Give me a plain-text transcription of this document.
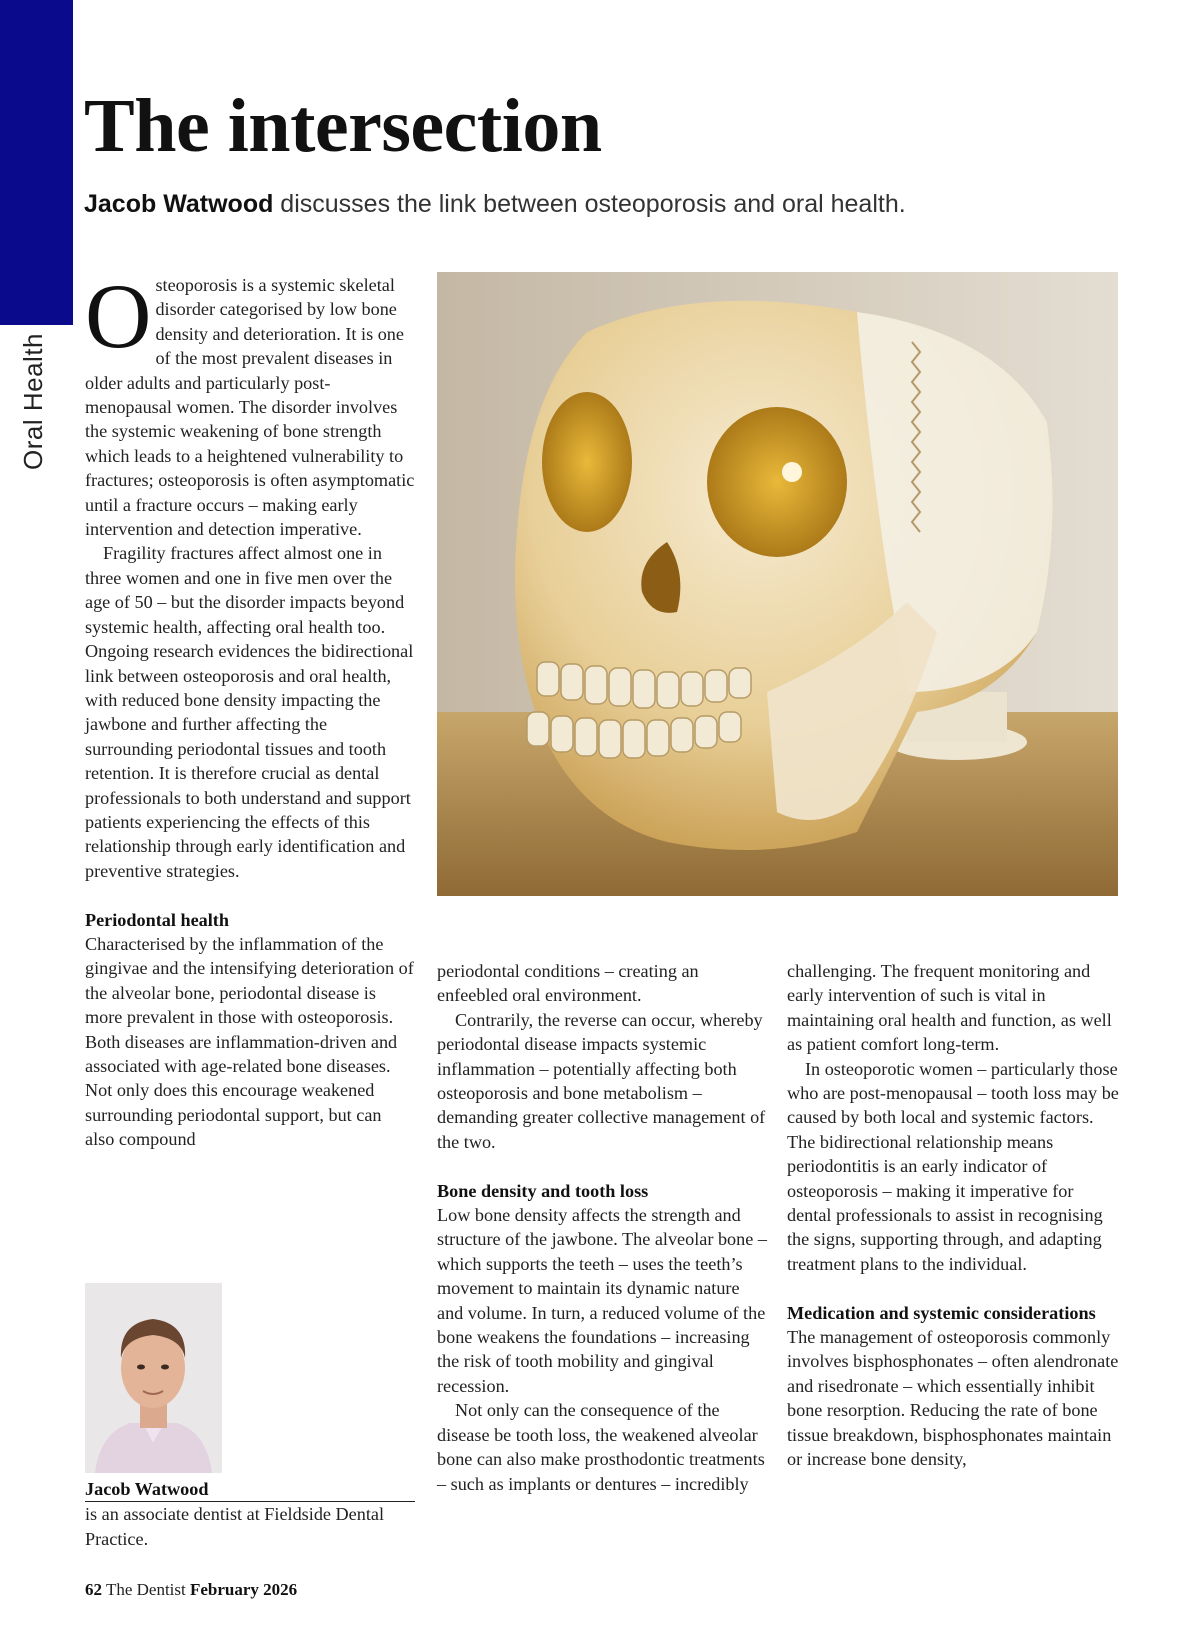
Oral Health
The intersection

Jacob Watwood discusses the link between osteoporosis and oral health.

Osteoporosis is a systemic skeletal disorder categorised by low bone density and deterioration. It is one of the most prevalent diseases in older adults and particularly post-menopausal women. The disorder involves the systemic weakening of bone strength which leads to a heightened vulnerability to fractures; osteoporosis is often asymptomatic until a fracture occurs – making early intervention and detection imperative.

Fragility fractures affect almost one in three women and one in five men over the age of 50 – but the disorder impacts beyond systemic health, affecting oral health too. Ongoing research evidences the bidirectional link between osteoporosis and oral health, with reduced bone density impacting the jawbone and further affecting the surrounding periodontal tissues and tooth retention. It is therefore crucial as dental professionals to both understand and support patients experiencing the effects of this relationship through early identification and preventive strategies.

Periodontal health

Characterised by the inflammation of the gingivae and the intensifying deterioration of the alveolar bone, periodontal disease is more prevalent in those with osteoporosis. Both diseases are inflammation-driven and associated with age-related bone diseases. Not only does this encourage weakened surrounding periodontal support, but can also compound

periodontal conditions – creating an enfeebled oral environment.

Contrarily, the reverse can occur, whereby periodontal disease impacts systemic inflammation – potentially affecting both osteoporosis and bone metabolism – demanding greater collective management of the two.

Bone density and tooth loss

Low bone density affects the strength and structure of the jawbone. The alveolar bone – which supports the teeth – uses the teeth’s movement to maintain its dynamic nature and volume. In turn, a reduced volume of the bone weakens the foundations – increasing the risk of tooth mobility and gingival recession.

Not only can the consequence of the disease be tooth loss, the weakened alveolar bone can also make prosthodontic treatments – such as implants or dentures – incredibly

challenging. The frequent monitoring and early intervention of such is vital in maintaining oral health and function, as well as patient comfort long-term.

In osteoporotic women – particularly those who are post-menopausal – tooth loss may be caused by both local and systemic factors. The bidirectional relationship means periodontitis is an early indicator of osteoporosis – making it imperative for dental professionals to assist in recognising the signs, supporting through, and adapting treatment plans to the individual.

Medication and systemic considerations

The management of osteoporosis commonly involves bisphosphonates – often alendronate and risedronate – which essentially inhibit bone resorption. Reducing the rate of bone tissue breakdown, bisphosphonates maintain or increase bone density,

Jacob Watwood
is an associate dentist at Fieldside Dental Practice.
62 The Dentist February 2026
